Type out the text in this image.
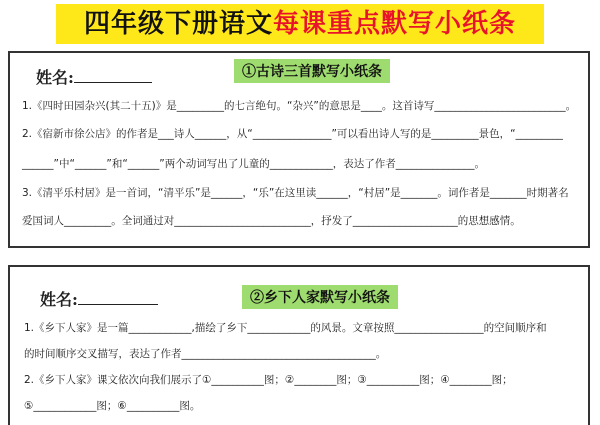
四年级下册语文每课重点默写小纸条
姓名:	①古诗三首默写小纸条
1.《四时田园杂兴(其二十五)》是_________的七言绝句。“杂兴”的意思是____。这首诗写_________________________。
2.《宿新市徐公店》的作者是___诗人______，从“_______________”可以看出诗人写的是_________景色，“_________
______”中“______”和“______”两个动词写出了儿童的____________，表达了作者_______________。
3.《清平乐村居》是一首词，“清平乐”是______，“乐”在这里读______，“村居”是_______。词作者是_______时期著名
爱国词人_________。全词通过对__________________________，抒发了____________________的思想感情。
姓名:	②乡下人家默写小纸条
1.《乡下人家》是一篇____________,描绘了乡下____________的风景。文章按照_________________的空间顺序和
的时间顺序交叉描写，表达了作者_____________________________________。
2.《乡下人家》课文依次向我们展示了①__________图；②________图；③__________图；④________图；
⑤____________图；⑥__________图。
